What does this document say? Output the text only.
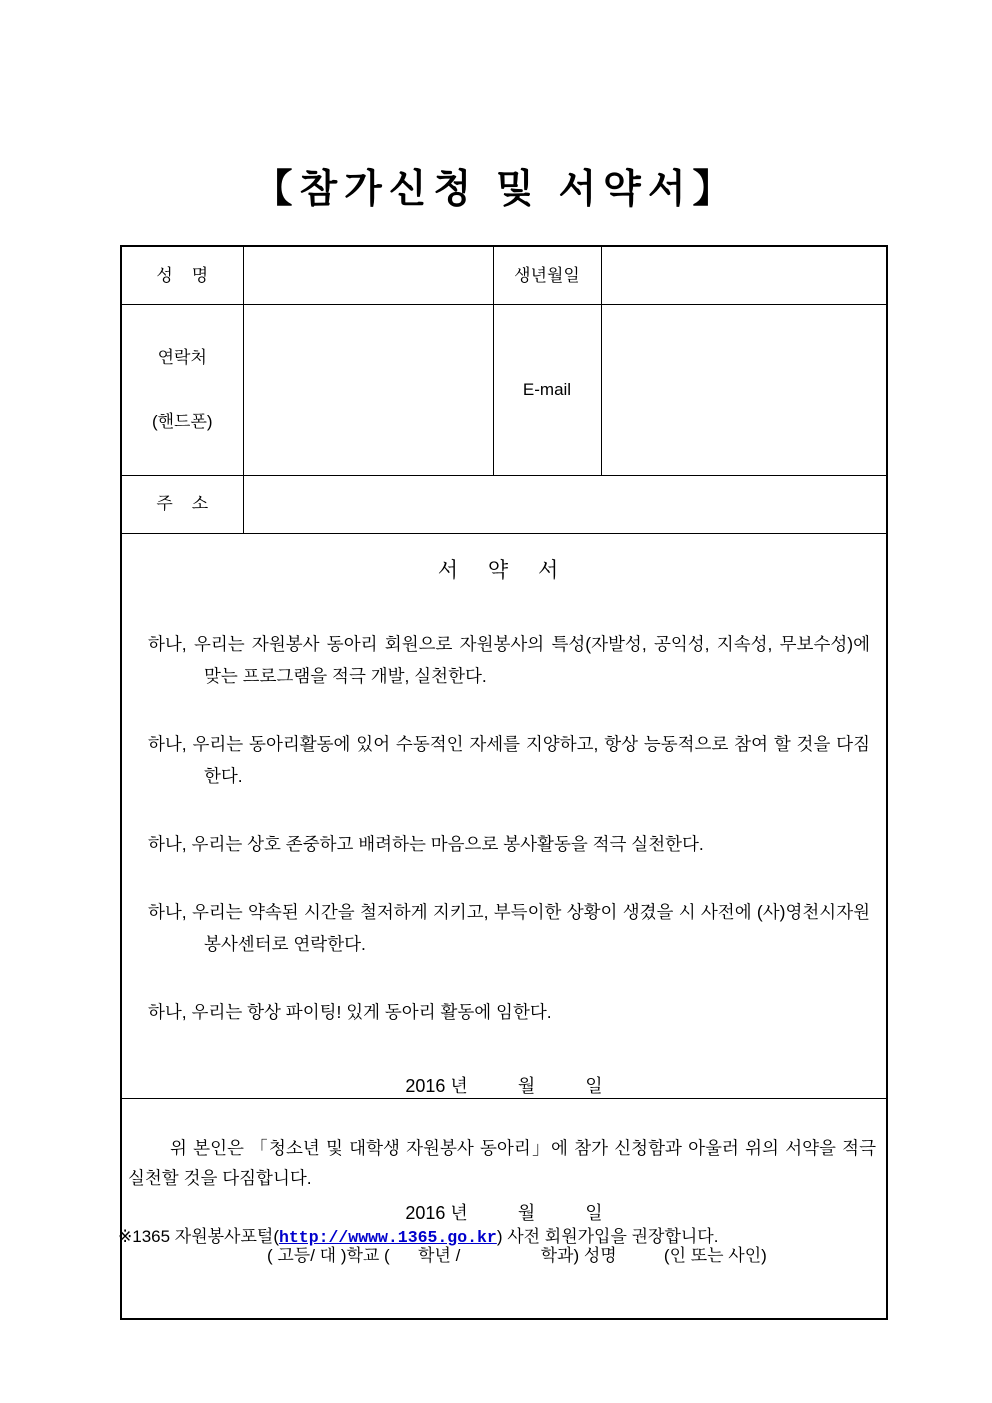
【참가신청 및 서약서】
성    명		생년월일	

연락처

(핸드폰)		E-mail	
주    소			

서 약 서

하나, 우리는 자원봉사 동아리 회원으로 자원봉사의 특성(자발성, 공익성, 지속성, 무보수성)에 맞는 프로그램을 적극 개발, 실천한다.

하나, 우리는 동아리활동에 있어 수동적인 자세를 지양하고, 항상 능동적으로 참여 할 것을 다짐한다.

하나, 우리는 상호 존중하고 배려하는 마음으로 봉사활동을 적극 실천한다.

하나, 우리는 약속된 시간을 철저하게 지키고, 부득이한 상황이 생겼을 시 사전에 (사)영천시자원봉사센터로 연락한다.

하나, 우리는 항상 파이팅! 있게 동아리 활동에 임한다.

2016 년          월          일

위 본인은 「청소년 및 대학생 자원봉사 동아리」에 참가 신청함과 아울러 위의 서약을 적극 실천할 것을 다짐합니다.

2016 년          월          일
( 고등/ 대 )학교 (      학년 /                 학과) 성명          (인 또는 사인)			

※1365 자원봉사포털(http://wwww.1365.go.kr) 사전 회원가입을 권장합니다.
